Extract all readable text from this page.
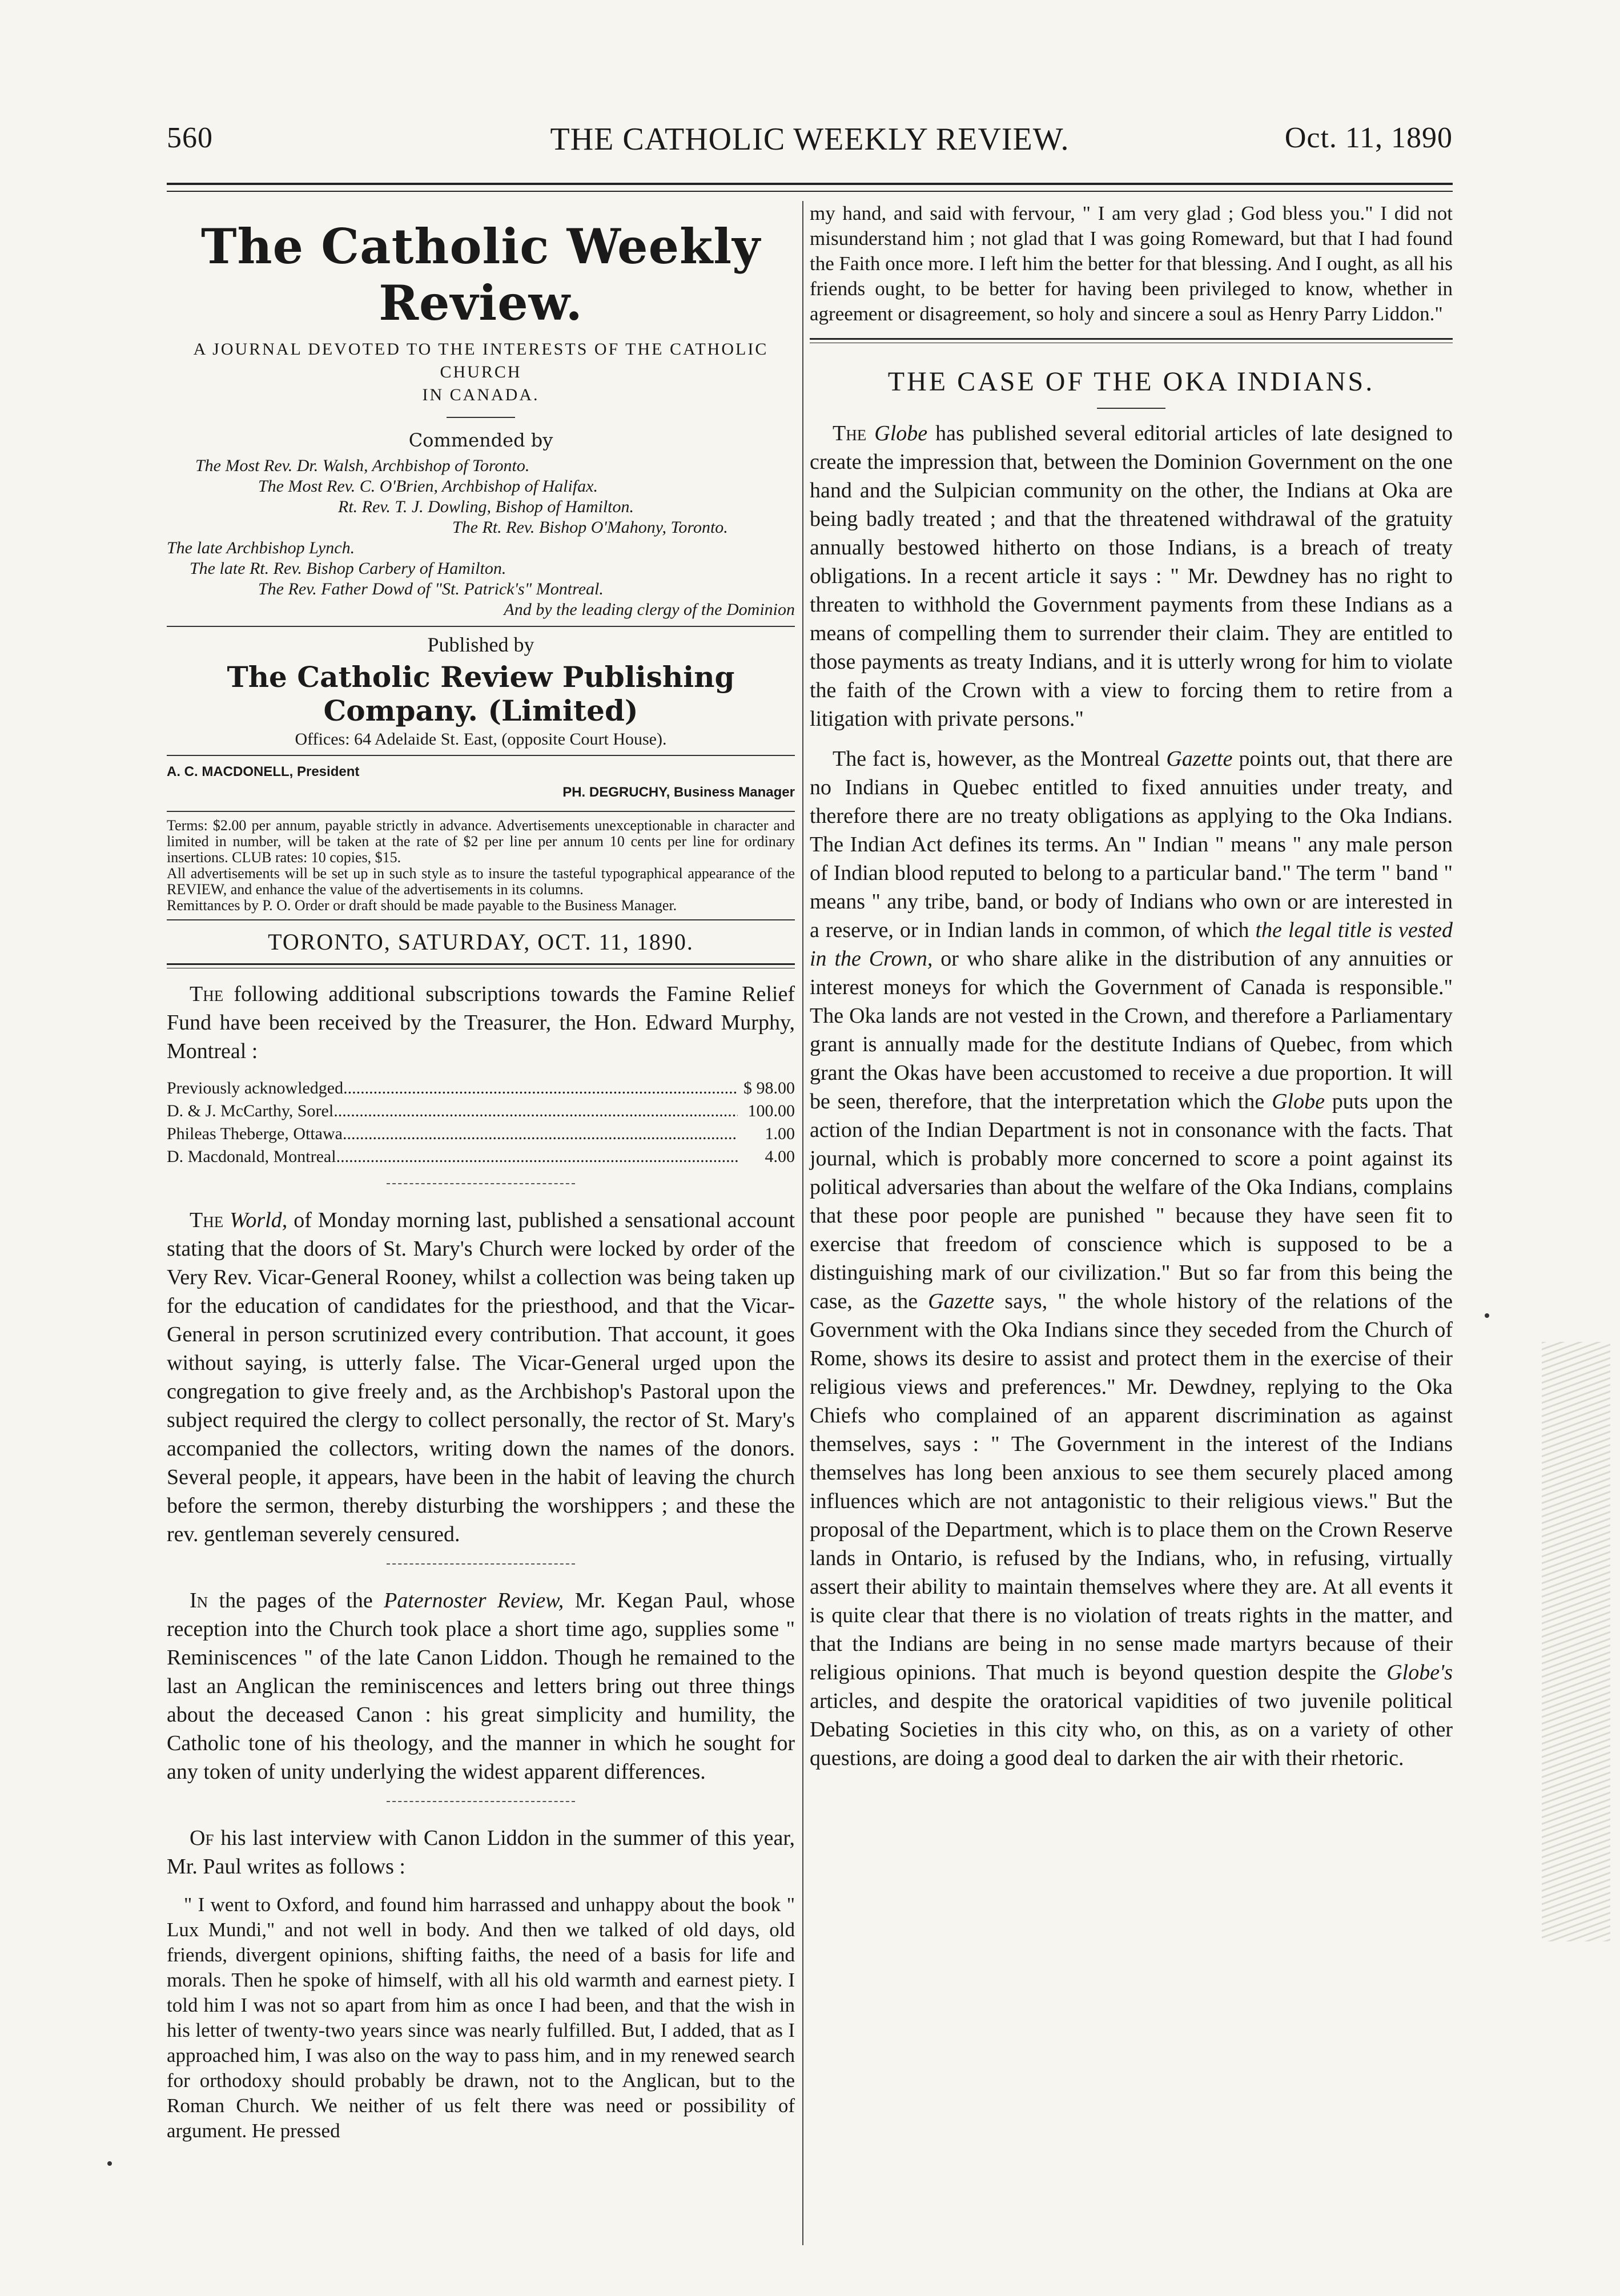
560	THE CATHOLIC WEEKLY REVIEW.	Oct. 11, 1890
The Catholic Weekly Review.
A JOURNAL DEVOTED TO THE INTERESTS OF THE CATHOLIC CHURCH
IN CANADA.
Commended by
The Most Rev. Dr. Walsh, Archbishop of Toronto.
The Most Rev. C. O'Brien, Archbishop of Halifax.
Rt. Rev. T. J. Dowling, Bishop of Hamilton.
The Rt. Rev. Bishop O'Mahony, Toronto.
The late Archbishop Lynch.
The late Rt. Rev. Bishop Carbery of Hamilton.
The Rev. Father Dowd of "St. Patrick's" Montreal.
And by the leading clergy of the Dominion
Published by
The Catholic Review Publishing Company. (Limited)
Offices: 64 Adelaide St. East, (opposite Court House).
A. C. MACDONELL, President
PH. DEGRUCHY, Business Manager

Terms: $2.00 per annum, payable strictly in advance. Advertisements unexceptionable in character and limited in number, will be taken at the rate of $2 per line per annum 10 cents per line for ordinary insertions. CLUB rates: 10 copies, $15.

All advertisements will be set up in such style as to insure the tasteful typographical appearance of the REVIEW, and enhance the value of the advertisements in its columns.

Remittances by P. O. Order or draft should be made payable to the Business Manager.

TORONTO, SATURDAY, OCT. 11, 1890.

The following additional subscriptions towards the Famine Relief Fund have been received by the Treasurer, the Hon. Edward Murphy, Montreal :

Previously acknowledged .....	$ 98.00
D. & J. McCarthy, Sorel .....	100.00
Phileas Theberge, Ottawa .....	1.00
D. Macdonald, Montreal .....	4.00

The World, of Monday morning last, published a sensational account stating that the doors of St. Mary's Church were locked by order of the Very Rev. Vicar-General Rooney, whilst a collection was being taken up for the education of candidates for the priesthood, and that the Vicar-General in person scrutinized every contribution. That account, it goes without saying, is utterly false. The Vicar-General urged upon the congregation to give freely and, as the Archbishop's Pastoral upon the subject required the clergy to collect personally, the rector of St. Mary's accompanied the collectors, writing down the names of the donors. Several people, it appears, have been in the habit of leaving the church before the sermon, thereby disturbing the worshippers ; and these the rev. gentleman severely censured.

In the pages of the Paternoster Review, Mr. Kegan Paul, whose reception into the Church took place a short time ago, supplies some " Reminiscences " of the late Canon Liddon. Though he remained to the last an Anglican the reminiscences and letters bring out three things about the deceased Canon : his great simplicity and humility, the Catholic tone of his theology, and the manner in which he sought for any token of unity underlying the widest apparent differences.

Of his last interview with Canon Liddon in the summer of this year, Mr. Paul writes as follows :

" I went to Oxford, and found him harrassed and unhappy about the book " Lux Mundi," and not well in body. And then we talked of old days, old friends, divergent opinions, shifting faiths, the need of a basis for life and morals. Then he spoke of himself, with all his old warmth and earnest piety. I told him I was not so apart from him as once I had been, and that the wish in his letter of twenty-two years since was nearly fulfilled. But, I added, that as I approached him, I was also on the way to pass him, and in my renewed search for orthodoxy should probably be drawn, not to the Anglican, but to the Roman Church. We neither of us felt there was need or possibility of argument. He pressed

my hand, and said with fervour, " I am very glad ; God bless you." I did not misunderstand him ; not glad that I was going Romeward, but that I had found the Faith once more. I left him the better for that blessing. And I ought, as all his friends ought, to be better for having been privileged to know, whether in agreement or disagreement, so holy and sincere a soul as Henry Parry Liddon."

THE CASE OF THE OKA INDIANS.

The Globe has published several editorial articles of late designed to create the impression that, between the Dominion Government on the one hand and the Sulpician community on the other, the Indians at Oka are being badly treated ; and that the threatened withdrawal of the gratuity annually bestowed hitherto on those Indians, is a breach of treaty obligations. In a recent article it says : " Mr. Dewdney has no right to threaten to withhold the Government payments from these Indians as a means of compelling them to surrender their claim. They are entitled to those payments as treaty Indians, and it is utterly wrong for him to violate the faith of the Crown with a view to forcing them to retire from a litigation with private persons."

The fact is, however, as the Montreal Gazette points out, that there are no Indians in Quebec entitled to fixed annuities under treaty, and therefore there are no treaty obligations as applying to the Oka Indians. The Indian Act defines its terms. An " Indian " means " any male person of Indian blood reputed to belong to a particular band." The term " band " means " any tribe, band, or body of Indians who own or are interested in a reserve, or in Indian lands in common, of which the legal title is vested in the Crown, or who share alike in the distribution of any annuities or interest moneys for which the Government of Canada is responsible." The Oka lands are not vested in the Crown, and therefore a Parliamentary grant is annually made for the destitute Indians of Quebec, from which grant the Okas have been accustomed to receive a due proportion. It will be seen, therefore, that the interpretation which the Globe puts upon the action of the Indian Department is not in consonance with the facts. That journal, which is probably more concerned to score a point against its political adversaries than about the welfare of the Oka Indians, complains that these poor people are punished " because they have seen fit to exercise that freedom of conscience which is supposed to be a distinguishing mark of our civilization." But so far from this being the case, as the Gazette says, " the whole history of the relations of the Government with the Oka Indians since they seceded from the Church of Rome, shows its desire to assist and protect them in the exercise of their religious views and preferences." Mr. Dewdney, replying to the Oka Chiefs who complained of an apparent discrimination as against themselves, says : " The Government in the interest of the Indians themselves has long been anxious to see them securely placed among influences which are not antagonistic to their religious views." But the proposal of the Department, which is to place them on the Crown Reserve lands in Ontario, is refused by the Indians, who, in refusing, virtually assert their ability to maintain themselves where they are. At all events it is quite clear that there is no violation of treats rights in the matter, and that the Indians are being in no sense made martyrs because of their religious opinions. That much is beyond question despite the Globe's articles, and despite the oratorical vapidities of two juvenile political Debating Societies in this city who, on this, as on a variety of other questions, are doing a good deal to darken the air with their rhetoric.
